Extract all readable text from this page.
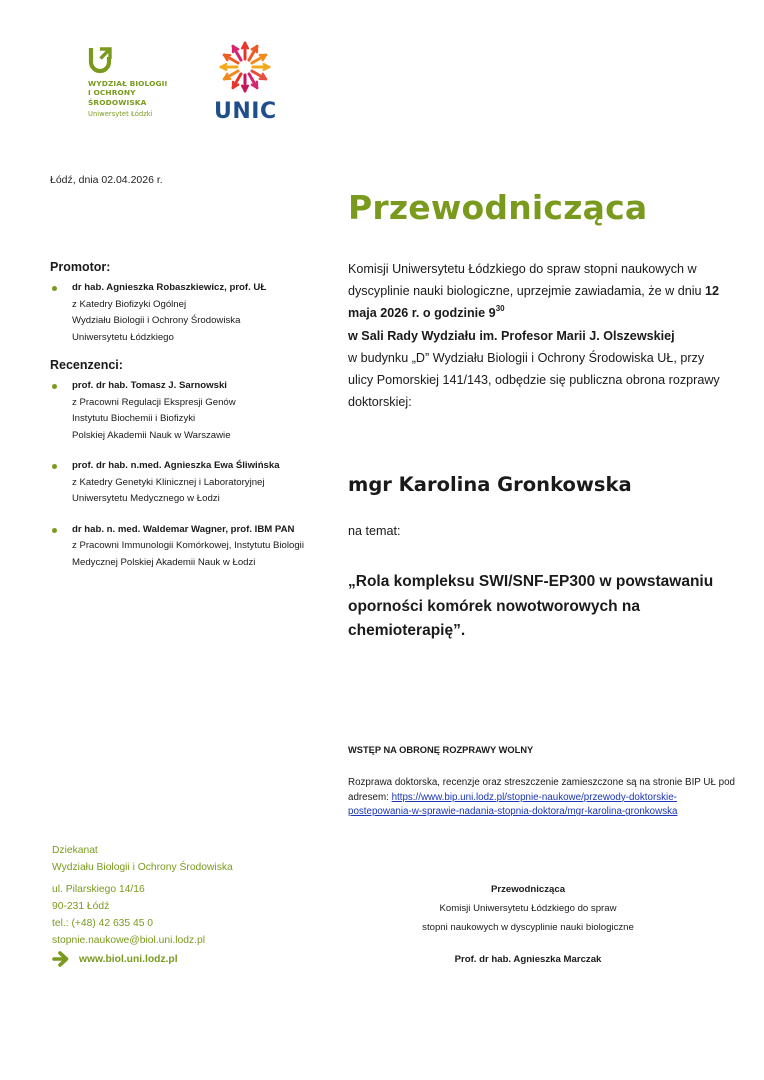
WYDZIAŁ BIOLOGII
I OCHRONY
ŚRODOWISKA
Uniwersytet Łódzki	UNIC
Łódź, dnia 02.04.2026 r.
Przewodnicząca
Promotor:
dr hab. Agnieszka Robaszkiewicz, prof. UŁ
z Katedry Biofizyki Ogólnej
Wydziału Biologii i Ochrony Środowiska
Uniwersytetu Łódzkiego
Recenzenci:
prof. dr hab. Tomasz J. Sarnowski
z Pracowni Regulacji Ekspresji Genów
Instytutu Biochemii i Biofizyki
Polskiej Akademii Nauk w Warszawie
prof. dr hab. n.med. Agnieszka Ewa Śliwińska
z Katedry Genetyki Klinicznej i Laboratoryjnej
Uniwersytetu Medycznego w Łodzi
dr hab. n. med. Waldemar Wagner, prof. IBM PAN
z Pracowni Immunologii Komórkowej, Instytutu Biologii
Medycznej Polskiej Akademii Nauk w Łodzi
Komisji Uniwersytetu Łódzkiego do spraw stopni naukowych w dyscyplinie nauki biologiczne, uprzejmie zawiadamia, że w dniu 12 maja 2026 r. o godzinie $9^{30}$
w Sali Rady Wydziału im. Profesor Marii J. Olszewskiej
w budynku „D” Wydziału Biologii i Ochrony Środowiska UŁ, przy ulicy Pomorskiej 141/143, odbędzie się publiczna obrona rozprawy doktorskiej:
mgr Karolina Gronkowska
na temat:
„Rola kompleksu SWI/SNF-EP300 w powstawaniu oporności komórek nowotworowych na chemioterapię”.
WSTĘP NA OBRONĘ ROZPRAWY WOLNY
Rozprawa doktorska, recenzje oraz streszczenie zamieszczone są na stronie BIP UŁ pod adresem: https://www.bip.uni.lodz.pl/stopnie-naukowe/przewody-doktorskie-postepowania-w-sprawie-nadania-stopnia-doktora/mgr-karolina-gronkowska
Dziekanat
Wydziału Biologii i Ochrony Środowiska
ul. Pilarskiego 14/16
90-231 Łódź
tel.: (+48) 42 635 45 0
stopnie.naukowe@biol.uni.lodz.pl
www.biol.uni.lodz.pl
Przewodnicząca
Komisji Uniwersytetu Łódzkiego do spraw
stopni naukowych w dyscyplinie nauki biologiczne
Prof. dr hab. Agnieszka Marczak
